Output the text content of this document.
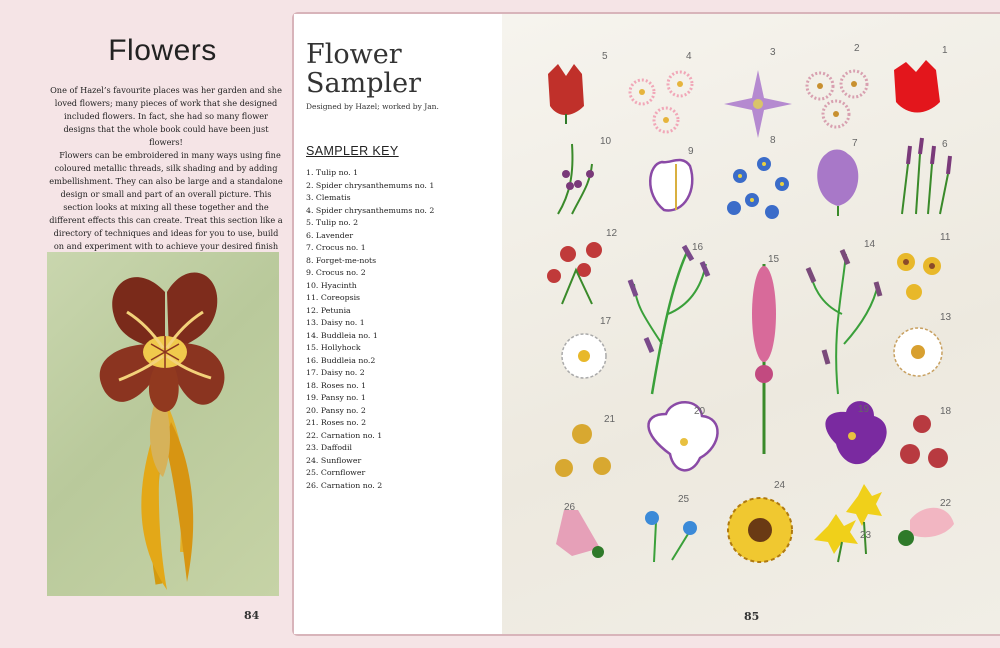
Flowers

One of Hazel’s favourite places was her garden and she loved flowers; many pieces of work that she designed included flowers. In fact, she had so many flower designs that the whole book could have been just flowers!

Flowers can be embroidered in many ways using fine coloured metallic threads, silk shading and by adding embellishment. They can also be large and a standalone design or small and part of an overall picture. This section looks at mixing all these together and the different effects this can create. Treat this section like a directory of techniques and ideas for you to use, build on and experiment with to achieve your desired finish

84
Flower
Sampler
Designed by Hazel; worked by Jan.
SAMPLER KEY
1. Tulip no. 1
2. Spider chrysanthemums no. 1
3. Clematis
4. Spider chrysanthemums no. 2
5. Tulip no. 2
6. Lavender
7. Crocus no. 1
8. Forget-me-nots
9. Crocus no. 2
10. Hyacinth
11. Coreopsis
12. Petunia
13. Daisy no. 1
14. Buddleia no. 1
15. Hollyhock
16. Buddleia no.2
17. Daisy no. 2
18. Roses no. 1
19. Pansy no. 1
20. Pansy no. 2
21. Roses no. 2
22. Carnation no. 1
23. Daffodil
24. Sunflower
25. Cornflower
26. Carnation no. 2
5	4	3	2	1
10
9
8	7	6
12
16
15
14
11
17	13
21
20	19	18
26
25
24
23
22
85
